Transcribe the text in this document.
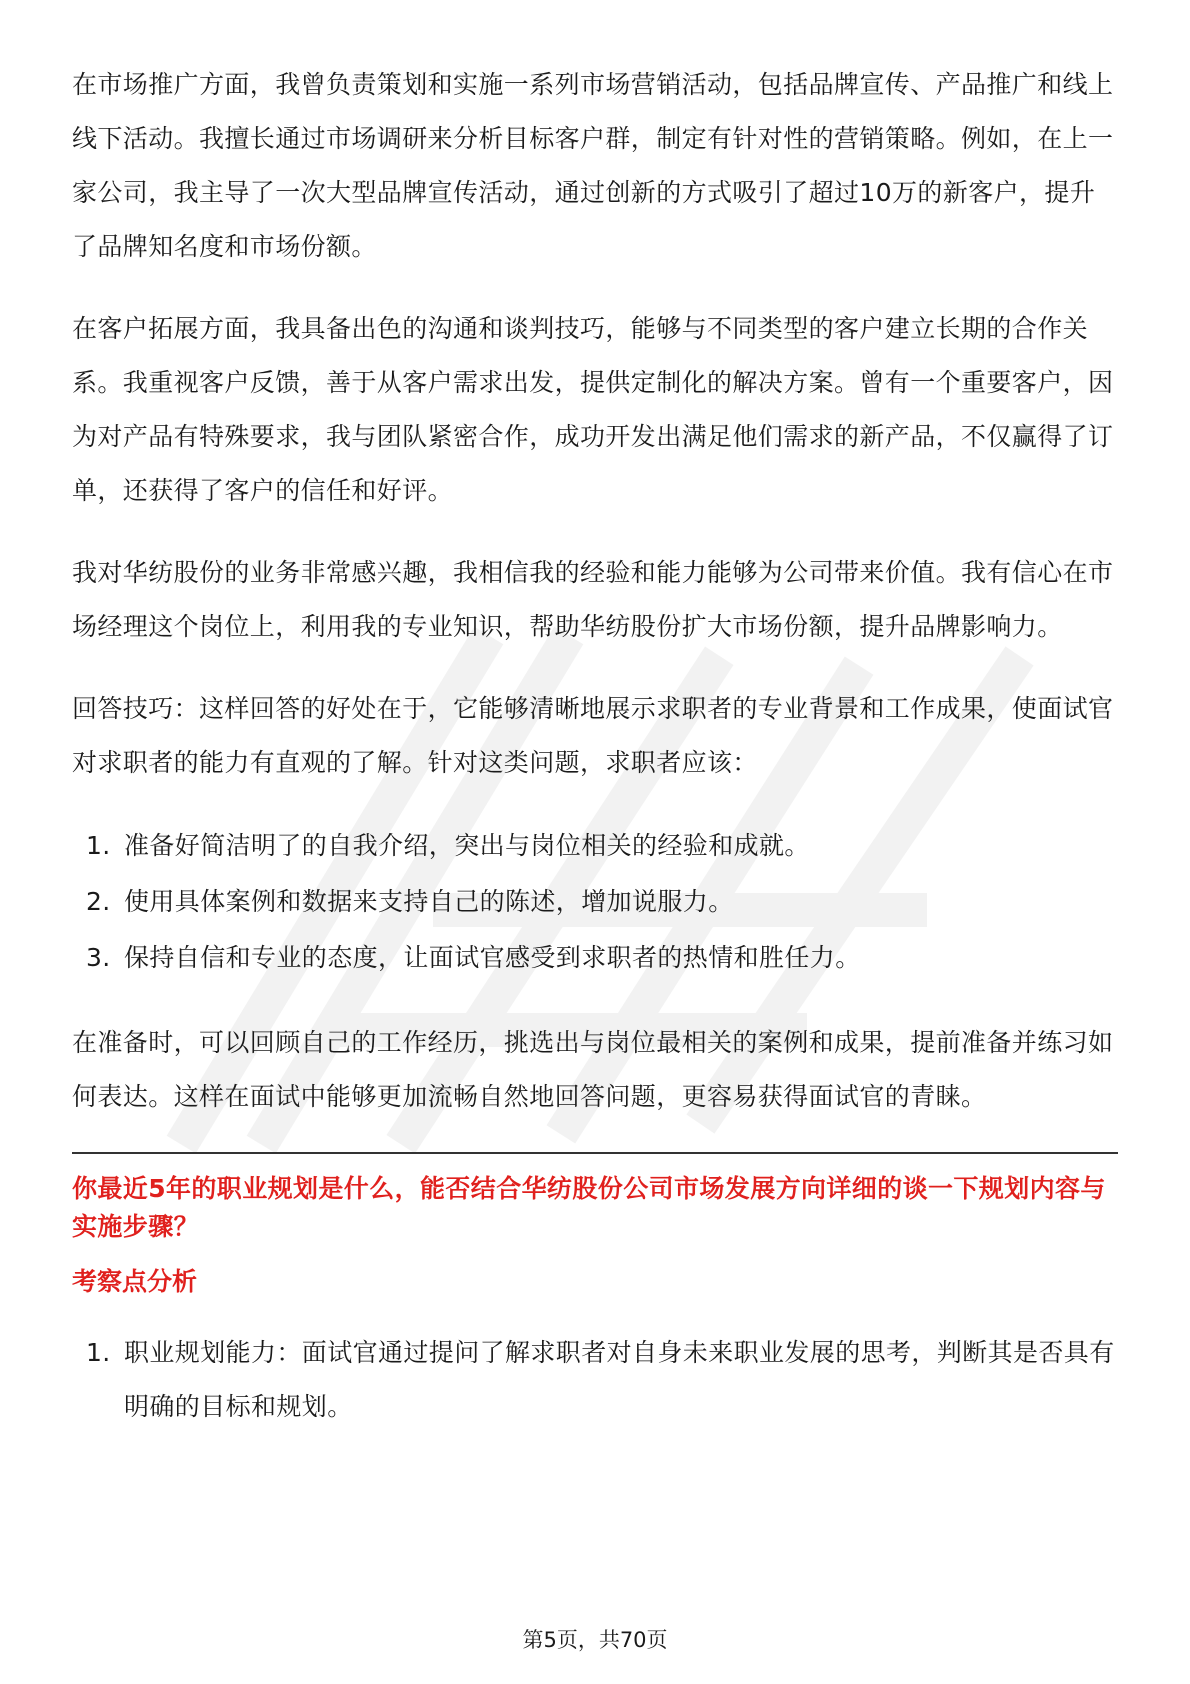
在市场推广方面，我曾负责策划和实施一系列市场营销活动，包括品牌宣传、产品推广和线上线下活动。我擅长通过市场调研来分析目标客户群，制定有针对性的营销策略。例如，在上一家公司，我主导了一次大型品牌宣传活动，通过创新的方式吸引了超过10万的新客户，提升了品牌知名度和市场份额。

在客户拓展方面，我具备出色的沟通和谈判技巧，能够与不同类型的客户建立长期的合作关系。我重视客户反馈，善于从客户需求出发，提供定制化的解决方案。曾有一个重要客户，因为对产品有特殊要求，我与团队紧密合作，成功开发出满足他们需求的新产品，不仅赢得了订单，还获得了客户的信任和好评。

我对华纺股份的业务非常感兴趣，我相信我的经验和能力能够为公司带来价值。我有信心在市场经理这个岗位上，利用我的专业知识，帮助华纺股份扩大市场份额，提升品牌影响力。

回答技巧：这样回答的好处在于，它能够清晰地展示求职者的专业背景和工作成果，使面试官对求职者的能力有直观的了解。针对这类问题，求职者应该：

1. 准备好简洁明了的自我介绍，突出与岗位相关的经验和成就。
2. 使用具体案例和数据来支持自己的陈述，增加说服力。
3. 保持自信和专业的态度，让面试官感受到求职者的热情和胜任力。

在准备时，可以回顾自己的工作经历，挑选出与岗位最相关的案例和成果，提前准备并练习如何表达。这样在面试中能够更加流畅自然地回答问题，更容易获得面试官的青睐。

你最近5年的职业规划是什么，能否结合华纺股份公司市场发展方向详细的谈一下规划内容与实施步骤？

考察点分析

1. 职业规划能力：面试官通过提问了解求职者对自身未来职业发展的思考，判断其是否具有明确的目标和规划。
第5页，共70页
